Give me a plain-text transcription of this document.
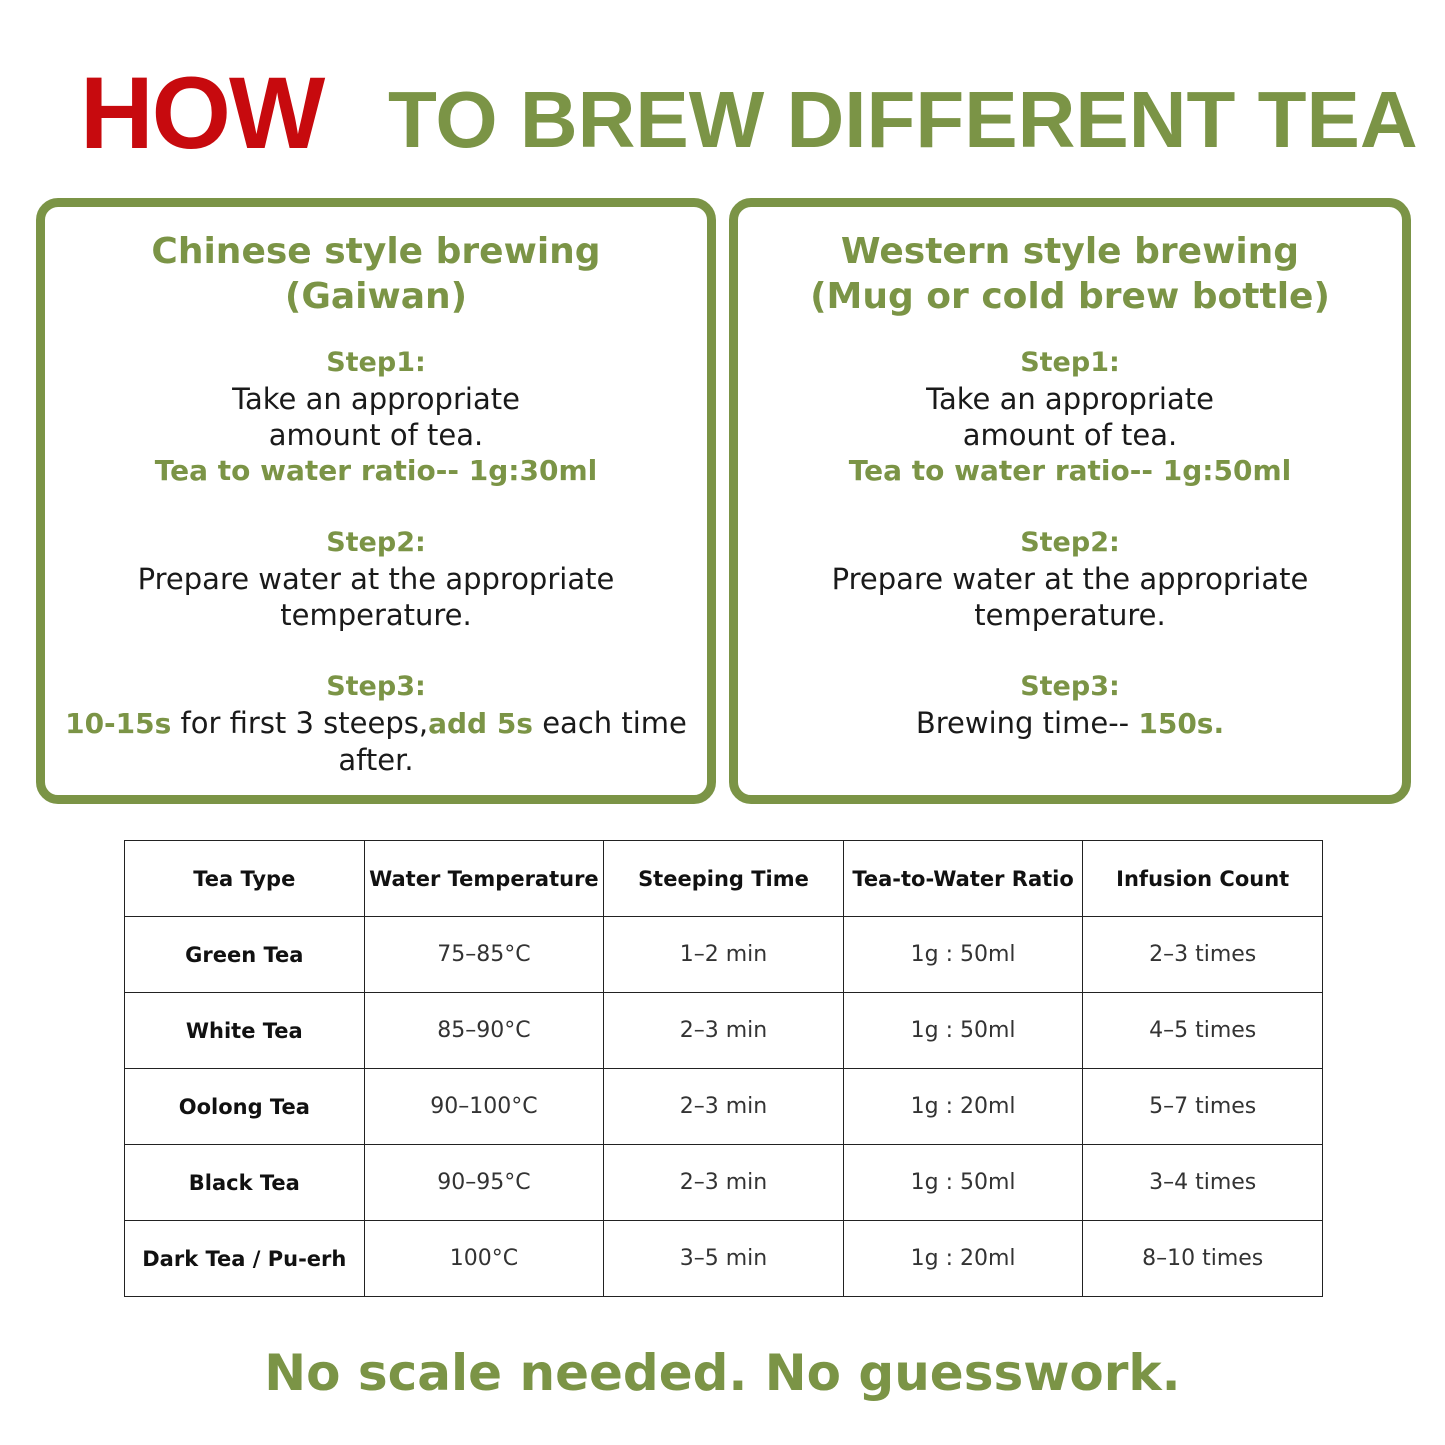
HOW TO BREW DIFFERENT TEA
Chinese style brewing
(Gaiwan)
Step1:
Take an appropriate
amount of tea.
Tea to water ratio-- 1g:30ml
Step2:
Prepare water at the appropriate
temperature.
Step3:
10-15s for first 3 steeps,add 5s each time
after.
Western style brewing
(Mug or cold brew bottle)
Step1:
Take an appropriate
amount of tea.
Tea to water ratio-- 1g:50ml
Step2:
Prepare water at the appropriate
temperature.
Step3:
Brewing time-- 150s.
Tea Type	Water Temperature	Steeping Time	Tea-to-Water Ratio	Infusion Count
Green Tea	75–85°C	1–2 min	1g : 50ml	2–3 times
White Tea	85–90°C	2–3 min	1g : 50ml	4–5 times
Oolong Tea	90–100°C	2–3 min	1g : 20ml	5–7 times
Black Tea	90–95°C	2–3 min	1g : 50ml	3–4 times
Dark Tea / Pu-erh	100°C	3–5 min	1g : 20ml	8–10 times
No scale needed. No guesswork.
